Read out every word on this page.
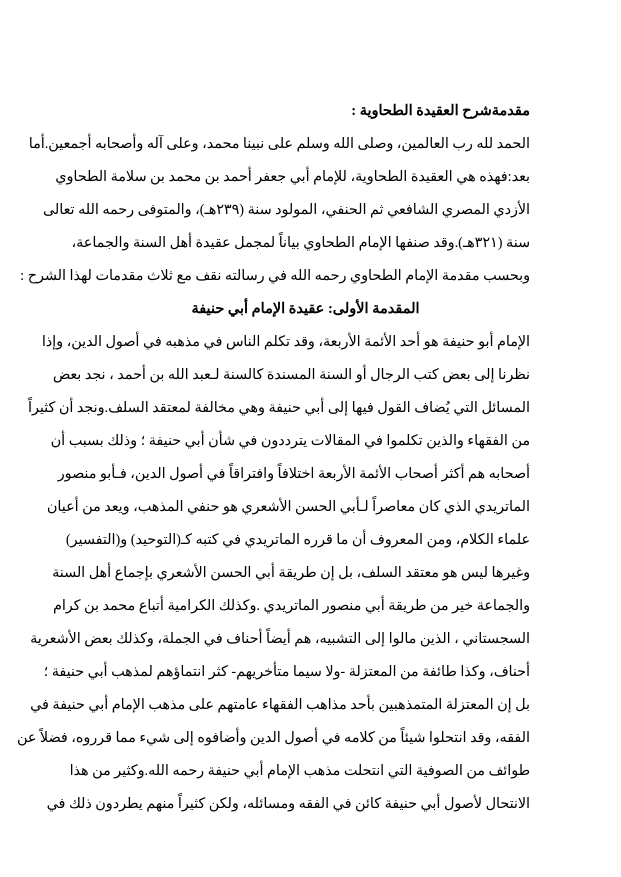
مقدمةشرح العقيدة الطحاوية :

الحمد لله رب العالمين، وصلى الله وسلم على نبينا محمد، وعلى آله وأصحابه أجمعين.أما
بعد:فهذه هي العقيدة الطحاوية، للإمام أبي جعفر أحمد بن محمد بن سلامة الطحاوي
الأزدي المصري الشافعي ثم الحنفي، المولود سنة (٢٣٩هـ)، والمتوفى رحمه الله تعالى
سنة (٣٢١هـ).وقد صنفها الإمام الطحاوي بياناً لمجمل عقيدة أهل السنة والجماعة،
وبحسب مقدمة الإمام الطحاوي رحمه الله في رسالته نقف مع ثلاث مقدمات لهذا الشرح :

المقدمة الأولى: عقيدة الإمام أبي حنيفة

الإمام أبو حنيفة هو أحد الأئمة الأربعة، وقد تكلم الناس في مذهبه في أصول الدين، وإذا
نظرنا إلى بعض كتب الرجال أو السنة المسندة كالسنة لـعبد الله بن أحمد ، نجد بعض
المسائل التي يُضاف القول فيها إلى أبي حنيفة وهي مخالفة لمعتقد السلف.ونجد أن كثيراً
من الفقهاء والذين تكلموا في المقالات يترددون في شأن أبي حنيفة ؛ وذلك بسبب أن
أصحابه هم أكثر أصحاب الأئمة الأربعة اختلافاً وافتراقاً في أصول الدين، فـأبو منصور
الماتريدي الذي كان معاصراً لـأبي الحسن الأشعري هو حنفي المذهب، ويعد من أعيان
علماء الكلام، ومن المعروف أن ما قرره الماتريدي في كتبه كـ(التوحيد) و(التفسير)
وغيرها ليس هو معتقد السلف، بل إن طريقة أبي الحسن الأشعري بإجماع أهل السنة
والجماعة خير من طريقة أبي منصور الماتريدي .وكذلك الكرامية أتباع محمد بن كرام
السجستاني ، الذين مالوا إلى التشبيه، هم أيضاً أحناف في الجملة، وكذلك بعض الأشعرية
أحناف، وكذا طائفة من المعتزلة -ولا سيما متأخريهم- كثر انتماؤهم لمذهب أبي حنيفة ؛
بل إن المعتزلة المتمذهبين بأحد مذاهب الفقهاء عامتهم على مذهب الإمام أبي حنيفة في
الفقه، وقد انتحلوا شيئاً من كلامه في أصول الدين وأضافوه إلى شيء مما قرروه، فضلاً عن
طوائف من الصوفية التي انتحلت مذهب الإمام أبي حنيفة رحمه الله.وكثير من هذا
الانتحال لأصول أبي حنيفة كائن في الفقه ومسائله، ولكن كثيراً منهم يطردون ذلك في
